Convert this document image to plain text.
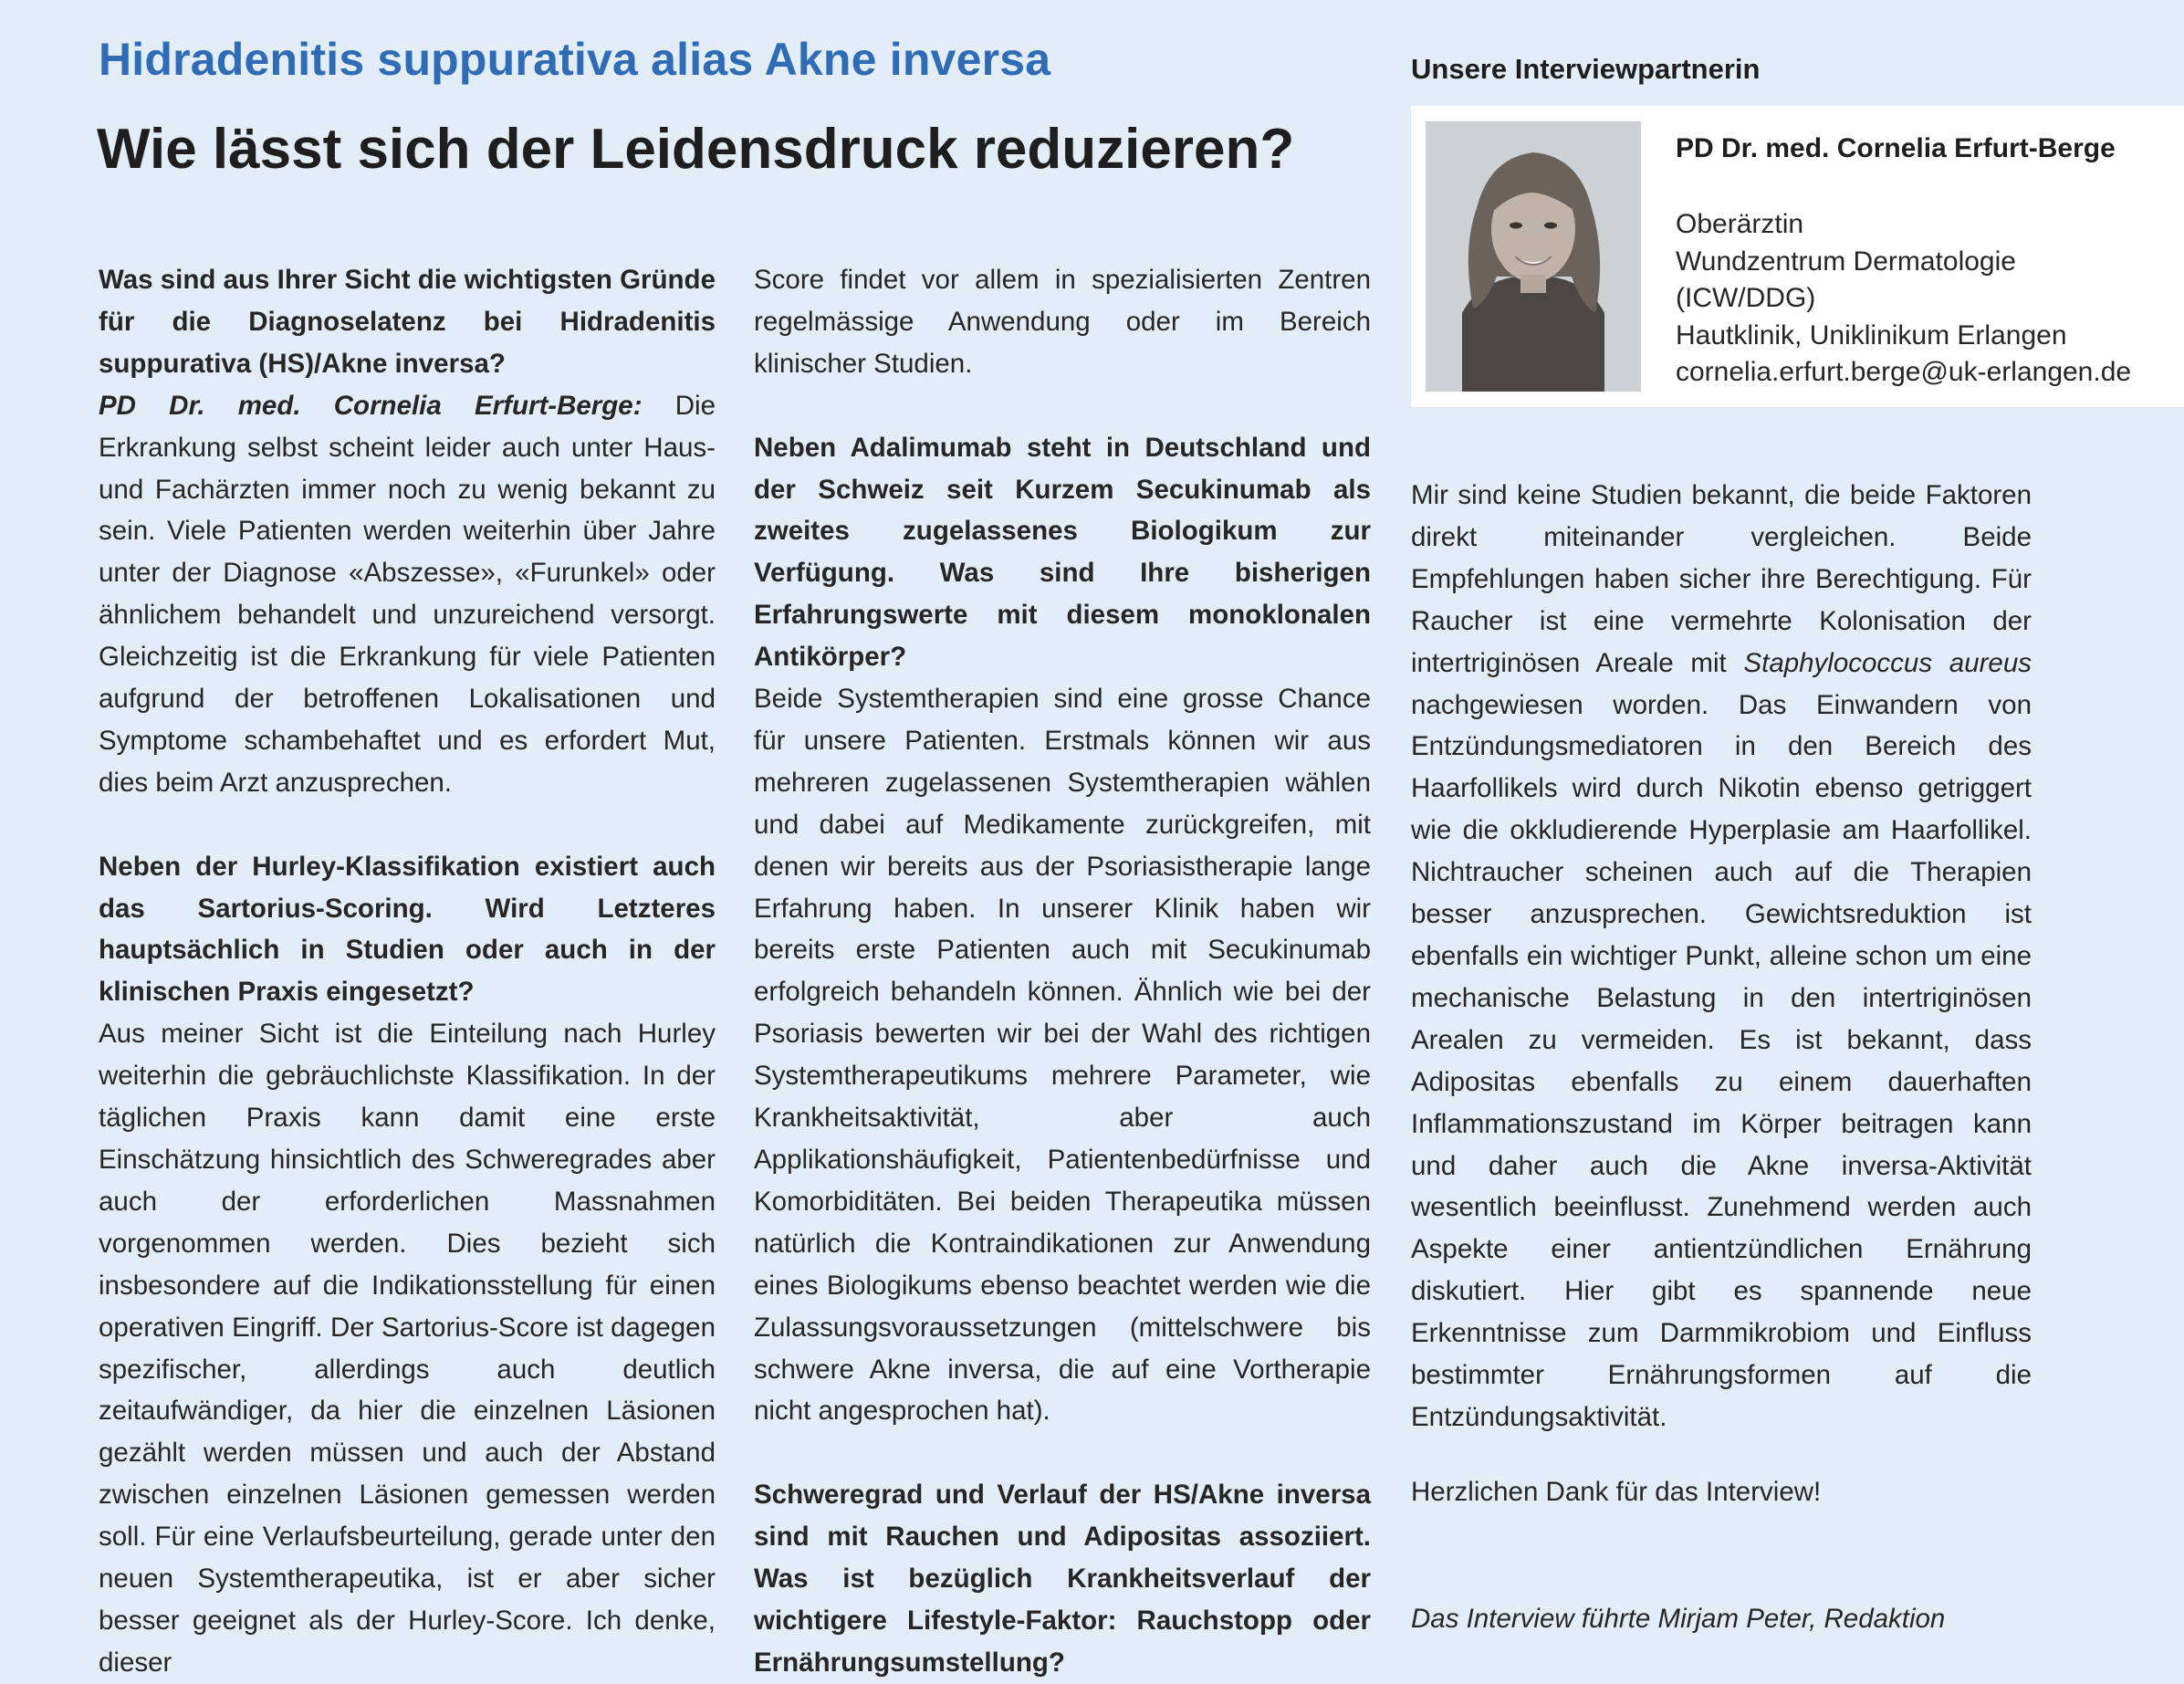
Hidradenitis suppurativa alias Akne inversa
Wie lässt sich der Leidensdruck reduzieren?

Was sind aus Ihrer Sicht die wichtigsten Gründe für die Diagnoselatenz bei Hidradenitis suppurativa (HS)/Akne inversa?

PD Dr. med. Cornelia Erfurt-Berge: Die Erkrankung selbst scheint leider auch unter Haus- und Fachärzten immer noch zu wenig bekannt zu sein. Viele Patienten werden weiterhin über Jahre unter der Diagnose «Abszesse», «Furunkel» oder ähnlichem behandelt und unzureichend versorgt. Gleichzeitig ist die Erkrankung für viele Patienten aufgrund der betroffenen Lokalisationen und Symptome schambehaftet und es erfordert Mut, dies beim Arzt anzusprechen.

Neben der Hurley-Klassifikation existiert auch das Sartorius-Scoring. Wird Letzteres hauptsächlich in Studien oder auch in der klinischen Praxis eingesetzt?

Aus meiner Sicht ist die Einteilung nach Hurley weiterhin die gebräuchlichste Klassifikation. In der täglichen Praxis kann damit eine erste Einschätzung hinsichtlich des Schweregrades aber auch der erforderlichen Massnahmen vorgenommen werden. Dies bezieht sich insbesondere auf die Indikationsstellung für einen operativen Eingriff. Der Sartorius-Score ist dagegen spezifischer, allerdings auch deutlich zeitaufwändiger, da hier die einzelnen Läsionen gezählt werden müssen und auch der Abstand zwischen einzelnen Läsionen gemessen werden soll. Für eine Verlaufsbeurteilung, gerade unter den neuen Systemtherapeutika, ist er aber sicher besser geeignet als der Hurley-Score. Ich denke, dieser

Score findet vor allem in spezialisierten Zentren regelmässige Anwendung oder im Bereich klinischer Studien.

Neben Adalimumab steht in Deutschland und der Schweiz seit Kurzem Secukinumab als zweites zugelassenes Biologikum zur Verfügung. Was sind Ihre bisherigen Erfahrungswerte mit diesem monoklonalen Antikörper?

Beide Systemtherapien sind eine grosse Chance für unsere Patienten. Erstmals können wir aus mehreren zugelassenen Systemtherapien wählen und dabei auf Medikamente zurückgreifen, mit denen wir bereits aus der Psoriasistherapie lange Erfahrung haben. In unserer Klinik haben wir bereits erste Patienten auch mit Secukinumab erfolgreich behandeln können. Ähnlich wie bei der Psoriasis bewerten wir bei der Wahl des richtigen Systemtherapeutikums mehrere Parameter, wie Krankheitsaktivität, aber auch Applikationshäufigkeit, Patientenbedürfnisse und Komorbiditäten. Bei beiden Therapeutika müssen natürlich die Kontraindikationen zur Anwendung eines Biologikums ebenso beachtet werden wie die Zulassungsvoraussetzungen (mittelschwere bis schwere Akne inversa, die auf eine Vortherapie nicht angesprochen hat).

Schweregrad und Verlauf der HS/Akne inversa sind mit Rauchen und Adipositas assoziiert. Was ist bezüglich Krankheitsverlauf der wichtigere Lifestyle-Faktor: Rauchstopp oder Ernährungsumstellung?

Unsere Interviewpartnerin
PD Dr. med. Cornelia Erfurt-Berge
Oberärztin
Wundzentrum Dermatologie
(ICW/DDG)
Hautklinik, Uniklinikum Erlangen
cornelia.erfurt.berge@uk-erlangen.de

Mir sind keine Studien bekannt, die beide Faktoren direkt miteinander vergleichen. Beide Empfehlungen haben sicher ihre Berechtigung. Für Raucher ist eine vermehrte Kolonisation der intertriginösen Areale mit Staphylococcus aureus nachgewiesen worden. Das Einwandern von Entzündungsmediatoren in den Bereich des Haarfollikels wird durch Nikotin ebenso getriggert wie die okkludierende Hyperplasie am Haarfollikel. Nichtraucher scheinen auch auf die Therapien besser anzusprechen. Gewichtsreduktion ist ebenfalls ein wichtiger Punkt, alleine schon um eine mechanische Belastung in den intertriginösen Arealen zu vermeiden. Es ist bekannt, dass Adipositas ebenfalls zu einem dauerhaften Inflammationszustand im Körper beitragen kann und daher auch die Akne inversa-Aktivität wesentlich beeinflusst. Zunehmend werden auch Aspekte einer antientzündlichen Ernährung diskutiert. Hier gibt es spannende neue Erkenntnisse zum Darmmikrobiom und Einfluss bestimmter Ernährungsformen auf die Entzündungsaktivität.

Herzlichen Dank für das Interview!
Das Interview führte Mirjam Peter, Redaktion
